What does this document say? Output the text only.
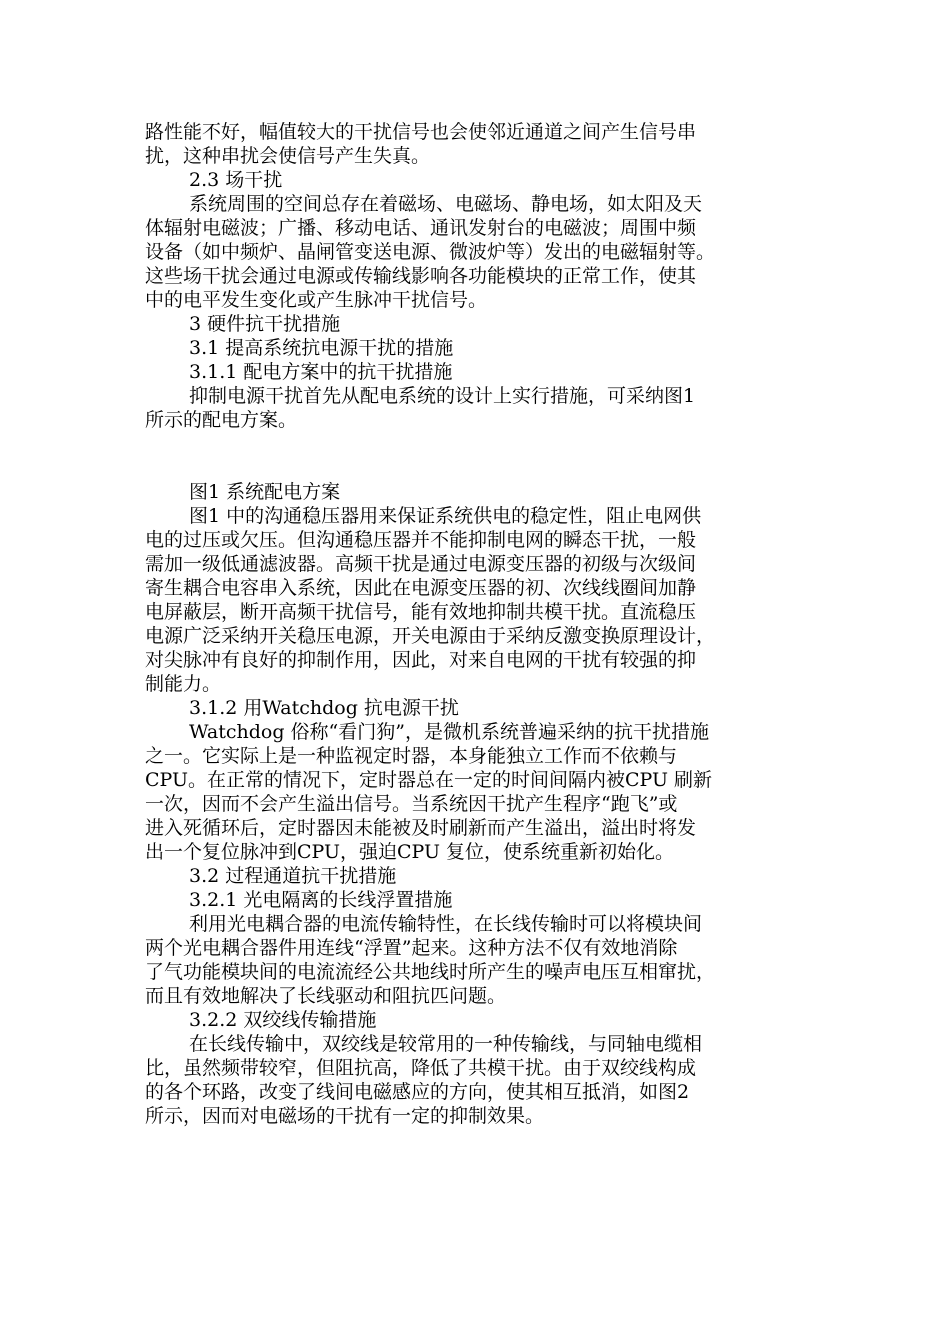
路性能不好，幅值较大的干扰信号也会使邻近通道之间产生信号串
扰，这种串扰会使信号产生失真。
2.3 场干扰
系统周围的空间总存在着磁场、电磁场、静电场，如太阳及天
体辐射电磁波；广播、移动电话、通讯发射台的电磁波；周围中频
设备（如中频炉、晶闸管变送电源、微波炉等）发出的电磁辐射等。
这些场干扰会通过电源或传输线影响各功能模块的正常工作，使其
中的电平发生变化或产生脉冲干扰信号。
3 硬件抗干扰措施
3.1 提高系统抗电源干扰的措施
3.1.1 配电方案中的抗干扰措施
抑制电源干扰首先从配电系统的设计上实行措施，可采纳图1
所示的配电方案。
图1 系统配电方案
图1 中的沟通稳压器用来保证系统供电的稳定性，阻止电网供
电的过压或欠压。但沟通稳压器并不能抑制电网的瞬态干扰，一般
需加一级低通滤波器。高频干扰是通过电源变压器的初级与次级间
寄生耦合电容串入系统，因此在电源变压器的初、次线线圈间加静
电屏蔽层，断开高频干扰信号，能有效地抑制共模干扰。直流稳压
电源广泛采纳开关稳压电源，开关电源由于采纳反激变换原理设计，
对尖脉冲有良好的抑制作用，因此，对来自电网的干扰有较强的抑
制能力。
3.1.2 用Watchdog 抗电源干扰
Watchdog 俗称“看门狗”，是微机系统普遍采纳的抗干扰措施
之一。它实际上是一种监视定时器，本身能独立工作而不依赖与
CPU。在正常的情况下，定时器总在一定的时间间隔内被CPU 刷新
一次，因而不会产生溢出信号。当系统因干扰产生程序“跑飞”或
进入死循环后，定时器因未能被及时刷新而产生溢出，溢出时将发
出一个复位脉冲到CPU，强迫CPU 复位，使系统重新初始化。
3.2 过程通道抗干扰措施
3.2.1 光电隔离的长线浮置措施
利用光电耦合器的电流传输特性，在长线传输时可以将模块间
两个光电耦合器件用连线“浮置”起来。这种方法不仅有效地消除
了气功能模块间的电流流经公共地线时所产生的噪声电压互相窜扰，
而且有效地解决了长线驱动和阻抗匹问题。
3.2.2 双绞线传输措施
在长线传输中，双绞线是较常用的一种传输线，与同轴电缆相
比，虽然频带较窄，但阻抗高，降低了共模干扰。由于双绞线构成
的各个环路，改变了线间电磁感应的方向，使其相互抵消，如图2
所示，因而对电磁场的干扰有一定的抑制效果。
